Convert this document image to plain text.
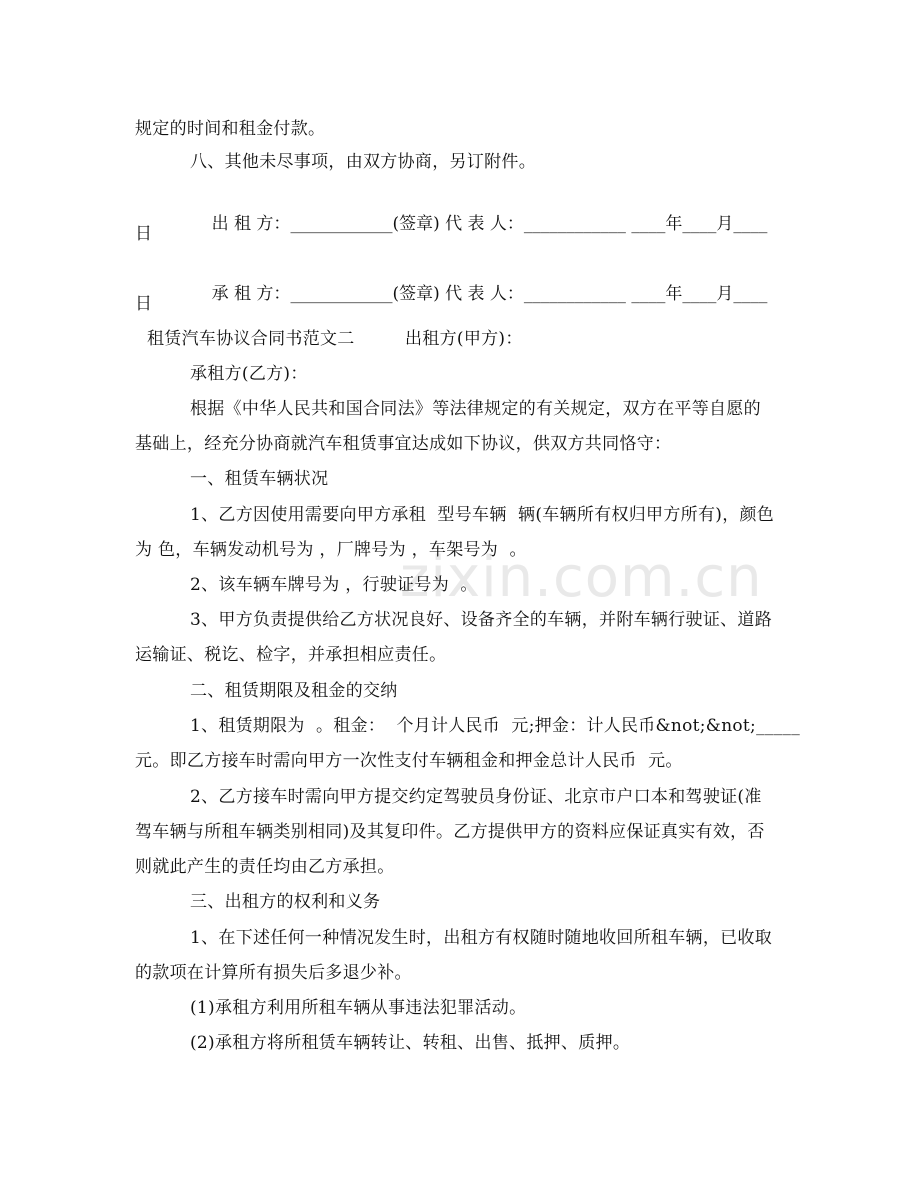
zixin.com.cn
规定的时间和租金付款。
八、其他未尽事项，由双方协商，另订附件。

出 租 方：____________(签章) 代 表 人：____________ ____年____月____

日

承 租 方：____________(签章) 代 表 人：____________ ____年____月____

日
租赁汽车协议合同书范文二	出租方(甲方)：
承租方(乙方)：
根据《中华人民共和国合同法》等法律规定的有关规定，双方在平等自愿的
基础上，经充分协商就汽车租赁事宜达成如下协议，供双方共同恪守：
一、租赁车辆状况
1、乙方因使用需要向甲方承租  型号车辆  辆(车辆所有权归甲方所有)，颜色
为 色，车辆发动机号为 ，厂牌号为 ，车架号为  。
2、该车辆车牌号为 ，行驶证号为  。
3、甲方负责提供给乙方状况良好、设备齐全的车辆，并附车辆行驶证、道路
运输证、税讫、检字，并承担相应责任。
二、租赁期限及租金的交纳
1、租赁期限为  。租金：  个月计人民币  元;押金：计人民币&not;&not;_____
元。即乙方接车时需向甲方一次性支付车辆租金和押金总计人民币  元。
2、乙方接车时需向甲方提交约定驾驶员身份证、北京市户口本和驾驶证(准
驾车辆与所租车辆类别相同)及其复印件。乙方提供甲方的资料应保证真实有效，否
则就此产生的责任均由乙方承担。
三、出租方的权利和义务
1、在下述任何一种情况发生时，出租方有权随时随地收回所租车辆，已收取
的款项在计算所有损失后多退少补。
(1)承租方利用所租车辆从事违法犯罪活动。
(2)承租方将所租赁车辆转让、转租、出售、抵押、质押。
